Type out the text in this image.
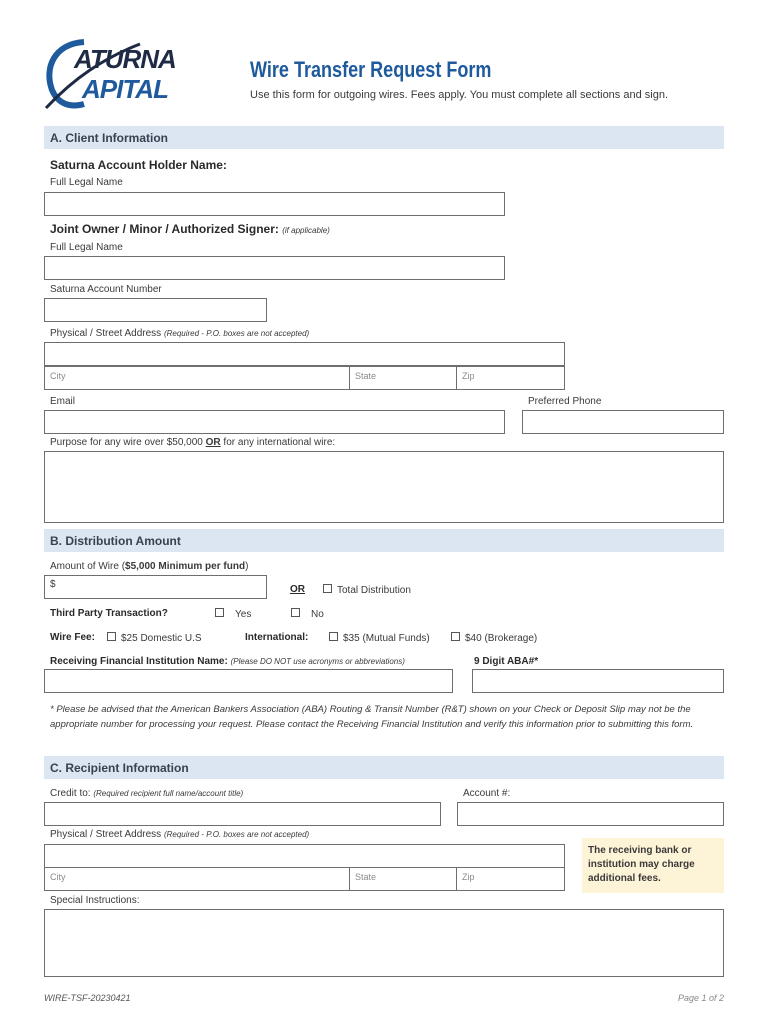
ATURNA
APITAL
Wire Transfer Request Form
Use this form for outgoing wires. Fees apply. You must complete all sections and sign.
A. Client Information
Saturna Account Holder Name:
Full Legal Name
Joint Owner / Minor / Authorized Signer: (if applicable)
Full Legal Name
Saturna Account Number
Physical / Street Address (Required - P.O. boxes are not accepted)
City	State	Zip
Email	Preferred Phone
Purpose for any wire over $50,000 OR for any international wire:
B. Distribution Amount
Amount of Wire ($5,000 Minimum per fund)
$	OR	Total Distribution
Third Party Transaction?	Yes	No
Wire Fee:	$25 Domestic U.S	International:	$35 (Mutual Funds)	$40 (Brokerage)
Receiving Financial Institution Name: (Please DO NOT use acronyms or abbreviations)	9 Digit ABA#*
* Please be advised that the American Bankers Association (ABA) Routing & Transit Number (R&T) shown on your Check or Deposit Slip may not be the appropriate number for processing your request. Please contact the Receiving Financial Institution and verify this information prior to submitting this form.
C. Recipient Information
Credit to: (Required recipient full name/account title)	Account #:
Physical / Street Address (Required - P.O. boxes are not accepted)
City	State	Zip
The receiving bank or institution may charge additional fees.
Special Instructions:
WIRE-TSF-20230421	Page 1 of 2
